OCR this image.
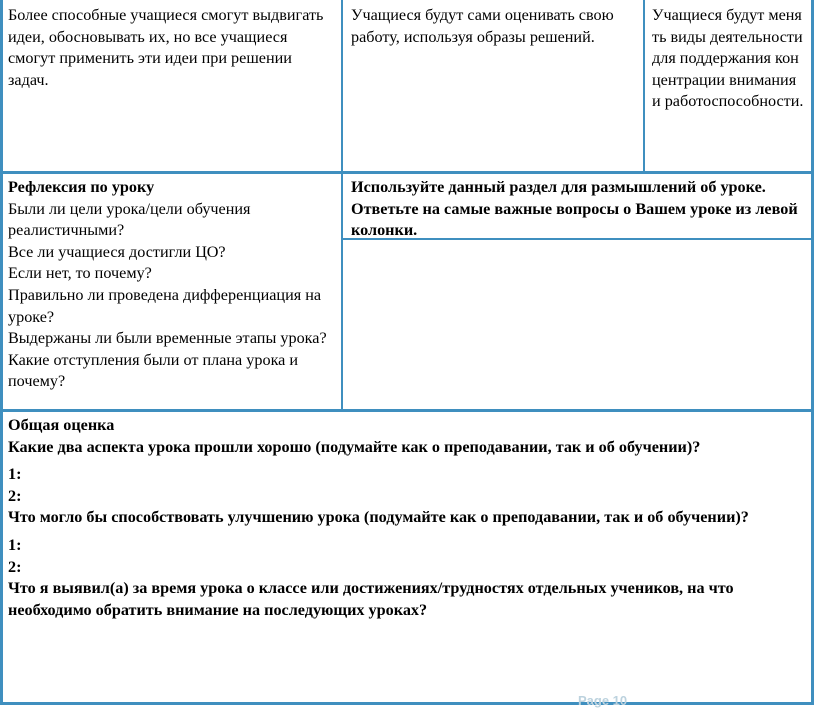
Более способные учащиеся смогут выдвигать идеи, обосновывать их, но все учащиеся смогут применить эти идеи при решении задач.

Учащиеся будут сами оценивать свою работу, используя образы решений.

Учащиеся будут менять виды деятельности для поддержания концентрации внимания и работоспособности.

Рефлексия по уроку

Были ли цели урока/цели обучения реалистичными?

Все ли учащиеся достигли ЦО?

Если нет, то почему?

Правильно ли проведена дифференциация на уроке?

Выдержаны ли были временные этапы урока?

Какие отступления были от плана урока и почему?

Используйте данный раздел для размышлений об уроке. Ответьте на самые важные вопросы о Вашем уроке из левой колонки.

Общая оценка

Какие два аспекта урока прошли хорошо (подумайте как о преподавании, так и об обучении)?

1:

2:

Что могло бы способствовать улучшению урока (подумайте как о преподавании, так и об обучении)?

1:

2:

Что я выявил(а) за время урока о классе или достижениях/трудностях отдельных учеников, на что необходимо обратить внимание на последующих уроках?

Page 10
